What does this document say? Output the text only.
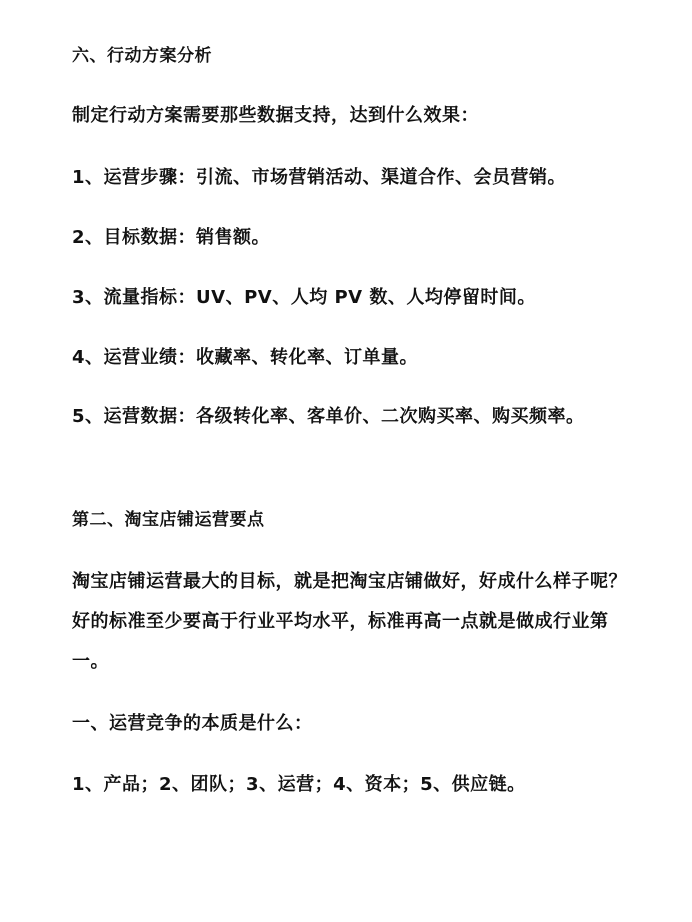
六、行动方案分析
制定行动方案需要那些数据支持，达到什么效果：
1、运营步骤：引流、市场营销活动、渠道合作、会员营销。
2、目标数据：销售额。
3、流量指标：UV、PV、人均 PV 数、人均停留时间。
4、运营业绩：收藏率、转化率、订单量。
5、运营数据：各级转化率、客单价、二次购买率、购买频率。
第二、淘宝店铺运营要点
淘宝店铺运营最大的目标，就是把淘宝店铺做好，好成什么样子呢？好的标准至少要高于行业平均水平，标准再高一点就是做成行业第一。
一、运营竞争的本质是什么：
1、产品；2、团队；3、运营；4、资本；5、供应链。
